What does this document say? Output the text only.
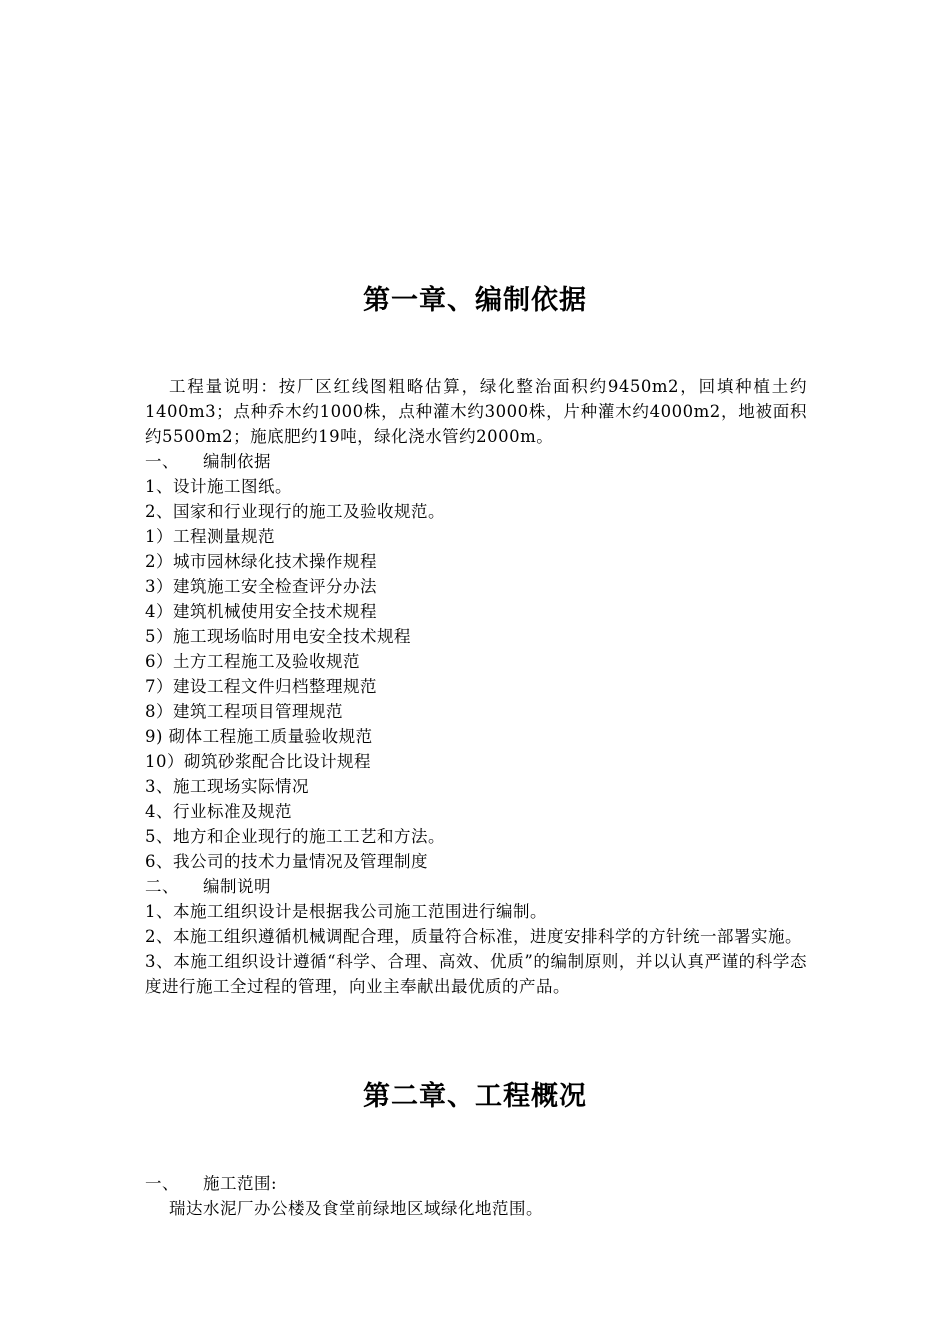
第一章、编制依据

工程量说明：按厂区红线图粗略估算，绿化整治面积约9450m2，回填种植土约1400m3；点种乔木约1000株，点种灌木约3000株，片种灌木约4000m2，地被面积约5500m2；施底肥约19吨，绿化浇水管约2000m。

一、 编制依据

1、设计施工图纸。

2、国家和行业现行的施工及验收规范。

1）工程测量规范

2）城市园林绿化技术操作规程

3）建筑施工安全检查评分办法

4）建筑机械使用安全技术规程

5）施工现场临时用电安全技术规程

6）土方工程施工及验收规范

7）建设工程文件归档整理规范

8）建筑工程项目管理规范

9) 砌体工程施工质量验收规范

10）砌筑砂浆配合比设计规程

3、施工现场实际情况

4、行业标准及规范

5、地方和企业现行的施工工艺和方法。

6、我公司的技术力量情况及管理制度

二、 编制说明

1、本施工组织设计是根据我公司施工范围进行编制。

2、本施工组织遵循机械调配合理，质量符合标准，进度安排科学的方针统一部署实施。

3、本施工组织设计遵循“科学、合理、高效、优质”的编制原则，并以认真严谨的科学态度进行施工全过程的管理，向业主奉献出最优质的产品。

第二章、工程概况

一、 施工范围:

瑞达水泥厂办公楼及食堂前绿地区域绿化地范围。
